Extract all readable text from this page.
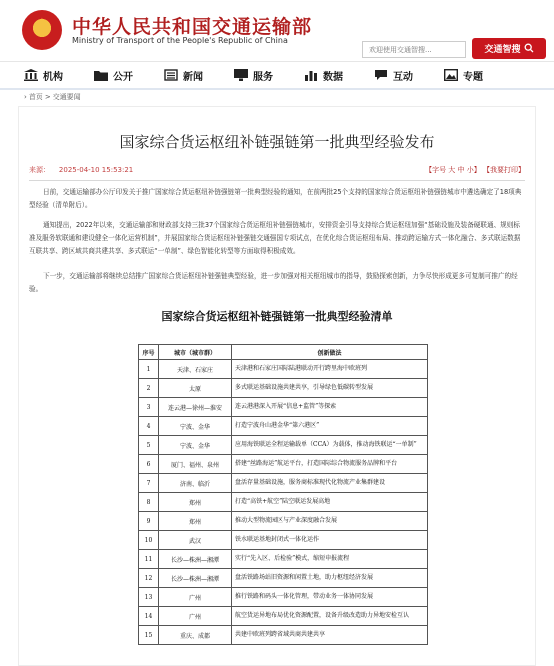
★
中华人民共和国交通运输部
Ministry of Transport of the People's Republic of China
欢迎使用交通智搜...
交通智搜
机构	公开	新闻	服务	数据	互动	专题
› 首页 > 交通要闻
国家综合货运枢纽补链强链第一批典型经验发布
来源： 2025-04-10 15:53:21	【字号 大 中 小】 【我要打印】

日前，交通运输部办公厅印发关于推广国家综合货运枢纽补链强链第一批典型经验的通知，在前两批25个支持的国家综合货运枢纽补链强链城市中遴选确定了18项典型经验（清单附后）。

通知提出，2022年以来，交通运输部和财政部支持三批37个国家综合货运枢纽补链强链城市，安排资金引导支持综合货运枢纽加强“基础设施及装备硬联通、规则标准及服务软联通和建设健全一体化运营机制”，并展国家综合货运枢纽补链强链交通强国专项试点，在优化综合货运枢纽布局、推动跨运输方式一体化融合、多式联运数据互联共享、跨区域共商共建共享、多式联运“一单制”、绿色智能化转型等方面取得积极成效。

下一步，交通运输部将继续总结推广国家综合货运枢纽补链强链典型经验，进一步加强对相关枢纽城市的指导，鼓励探索创新，力争尽快形成更多可复制可推广的经验。

国家综合货运枢纽补链强链第一批典型经验清单
序号	城市（城市群）	创新做法
1	天津、石家庄	天津港和石家庄国际陆港联动开行跨里海中欧班列
2	太原	多式联运基础设施共建共享，引导绿色低碳转型发展
3	连云港—徐州—淮安	连云港港深入开展“信息+监管”等探索
4	宁波、金华	打造宁波舟山港金华“第六港区”
5	宁波、金华	应用海铁联运全程运输载单（CCA）为载体，推动海铁联运“一单制”
6	厦门、福州、泉州	搭建“丝路海运”航运平台，打造国际综合物流服务品牌和平台
7	济南、临沂	盘活存量基础设施，服务商标准现代化物流产业集群建设
8	郑州	打造“高铁+航空”陆空联运发展高地
9	郑州	推动大型物流园区与产业深度融合发展
10	武汉	铁水联运基地封闭式一体化运作
11	长沙—株洲—湘潭	实行“先入区、后检验”模式，缩短申报流程
12	长沙—株洲—湘潭	盘活铁路场站旧资源和闲置土地，助力枢纽经济发展
13	广州	推行铁路和码头一体化管理，带动业务一体协同发展
14	广州	航空货运异地布局优化资源配置，设备升级改造助力异地安检互认
15	重庆、成都	共建中欧班列跨省域共商共建共享
